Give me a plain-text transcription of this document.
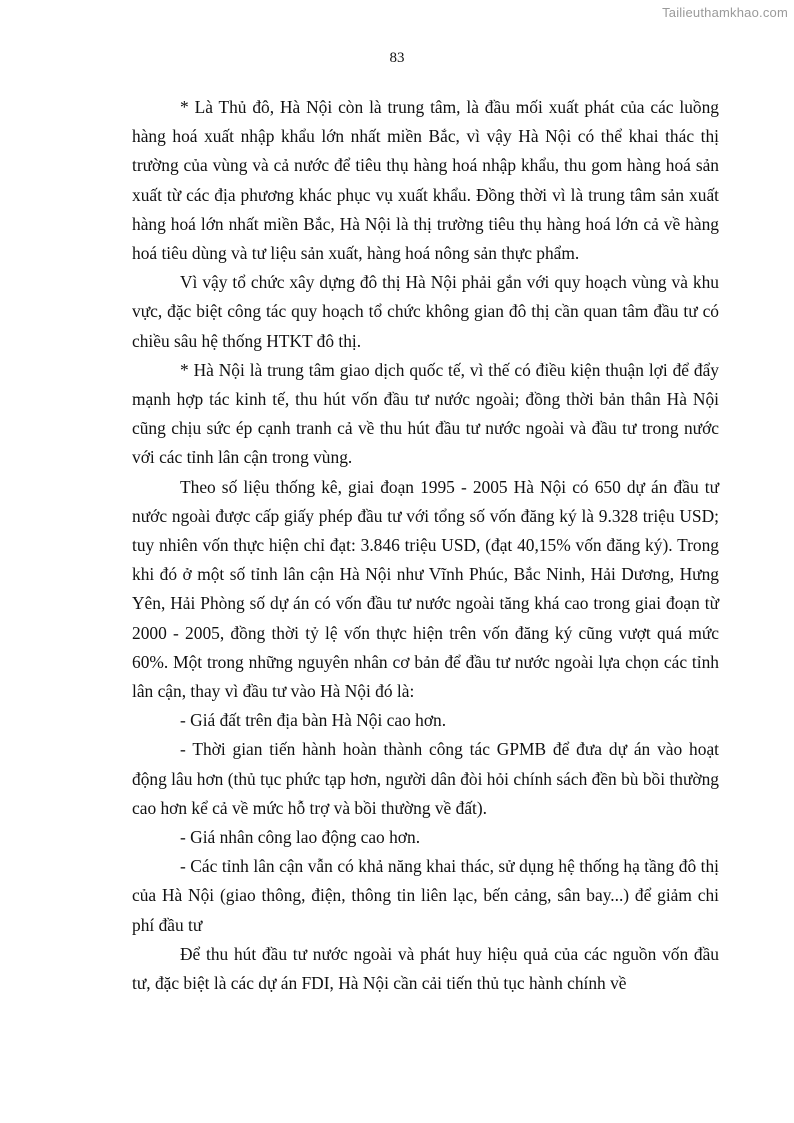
Tailieuthamkhao.com
83

* Là Thủ đô, Hà Nội còn là trung tâm, là đầu mối xuất phát của các luồng hàng hoá xuất nhập khẩu lớn nhất miền Bắc, vì vậy Hà Nội có thể khai thác thị trường của vùng và cả nước để tiêu thụ hàng hoá nhập khẩu, thu gom hàng hoá sản xuất từ các địa phương khác phục vụ xuất khẩu. Đồng thời vì là trung tâm sản xuất hàng hoá lớn nhất miền Bắc, Hà Nội là thị trường tiêu thụ hàng hoá lớn cả về hàng hoá tiêu dùng và tư liệu sản xuất, hàng hoá nông sản thực phẩm.

Vì vậy tổ chức xây dựng đô thị Hà Nội phải gắn với quy hoạch vùng và khu vực, đặc biệt công tác quy hoạch tổ chức không gian đô thị cần quan tâm đầu tư có chiều sâu hệ thống HTKT đô thị.

* Hà Nội là trung tâm giao dịch quốc tế, vì thế có điều kiện thuận lợi để đẩy mạnh hợp tác kinh tế, thu hút vốn đầu tư nước ngoài; đồng thời bản thân Hà Nội cũng chịu sức ép cạnh tranh cả về thu hút đầu tư nước ngoài và đầu tư trong nước với các tỉnh lân cận trong vùng.

Theo số liệu thống kê, giai đoạn 1995 - 2005 Hà Nội có 650 dự án đầu tư nước ngoài được cấp giấy phép đầu tư với tổng số vốn đăng ký là 9.328 triệu USD; tuy nhiên vốn thực hiện chỉ đạt: 3.846 triệu USD, (đạt 40,15% vốn đăng ký). Trong khi đó ở một số tỉnh lân cận Hà Nội như Vĩnh Phúc, Bắc Ninh, Hải Dương, Hưng Yên, Hải Phòng số dự án có vốn đầu tư nước ngoài tăng khá cao trong giai đoạn từ 2000 - 2005, đồng thời tỷ lệ vốn thực hiện trên vốn đăng ký cũng vượt quá mức 60%. Một trong những nguyên nhân cơ bản để đầu tư nước ngoài lựa chọn các tỉnh lân cận, thay vì đầu tư vào Hà Nội đó là:

- Giá đất trên địa bàn Hà Nội cao hơn.

- Thời gian tiến hành hoàn thành công tác GPMB để đưa dự án vào hoạt động lâu hơn (thủ tục phức tạp hơn, người dân đòi hỏi chính sách đền bù bồi thường cao hơn kể cả về mức hỗ trợ và bồi thường về đất).

- Giá nhân công lao động cao hơn.

- Các tỉnh lân cận vẫn có khả năng khai thác, sử dụng hệ thống hạ tầng đô thị của Hà Nội (giao thông, điện, thông tin liên lạc, bến cảng, sân bay...) để giảm chi phí đầu tư

Để thu hút đầu tư nước ngoài và phát huy hiệu quả của các nguồn vốn đầu tư, đặc biệt là các dự án FDI, Hà Nội cần cải tiến thủ tục hành chính về
